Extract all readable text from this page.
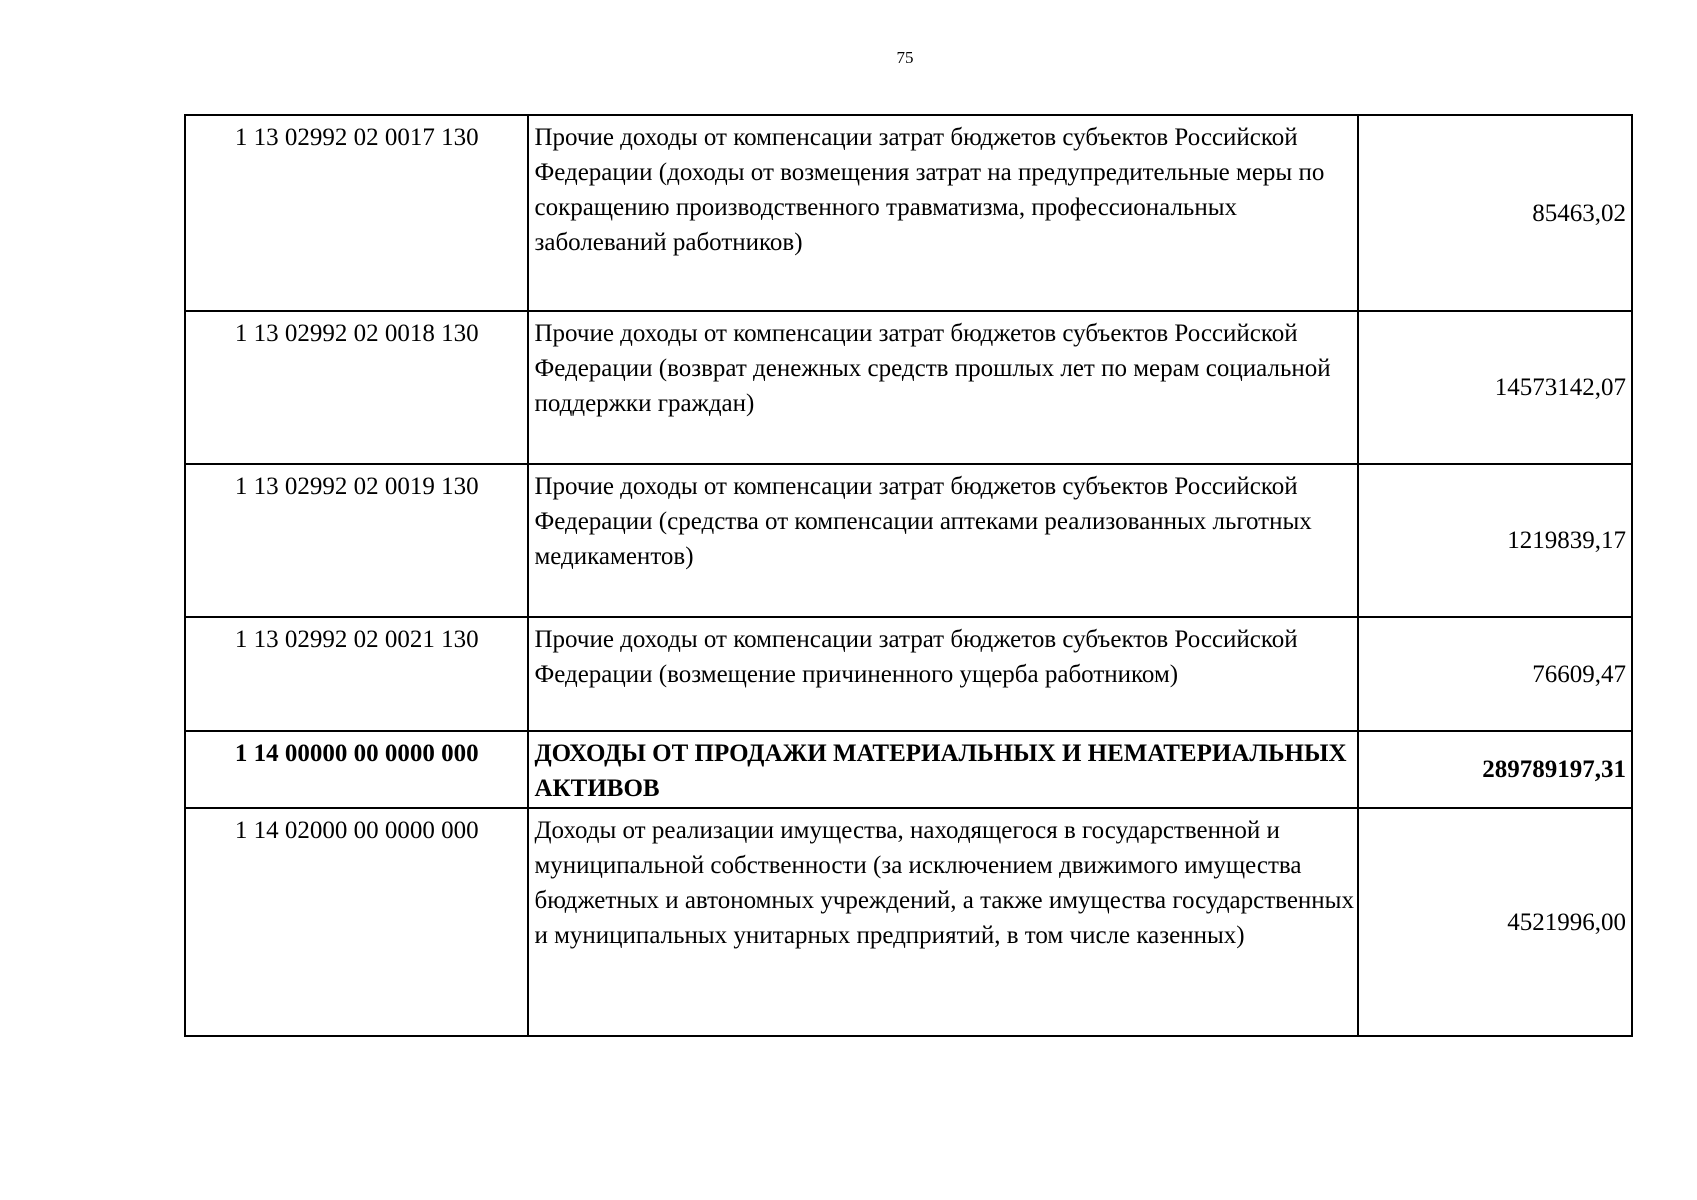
75
1 13 02992 02 0017 130	Прочие доходы от компенсации затрат бюджетов субъектов Российской Федерации (доходы от возмещения затрат на предупредительные меры по сокращению производственного травматизма, профессиональных заболеваний работников)	85463,02
1 13 02992 02 0018 130	Прочие доходы от компенсации затрат бюджетов субъектов Российской Федерации (возврат денежных средств прошлых лет по мерам социальной поддержки граждан)	14573142,07
1 13 02992 02 0019 130	Прочие доходы от компенсации затрат бюджетов субъектов Российской Федерации (средства от компенсации аптеками реализованных льготных медикаментов)	1219839,17
1 13 02992 02 0021 130	Прочие доходы от компенсации затрат бюджетов субъектов Российской Федерации (возмещение причиненного ущерба работником)	76609,47
1 14 00000 00 0000 000	ДОХОДЫ ОТ ПРОДАЖИ МАТЕРИАЛЬНЫХ И НЕМАТЕРИАЛЬНЫХ АКТИВОВ	289789197,31
1 14 02000 00 0000 000	Доходы от реализации имущества, находящегося в государственной и муниципальной собственности (за исключением движимого имущества бюджетных и автономных учреждений, а также имущества государственных и муниципальных унитарных предприятий, в том числе казенных)	4521996,00
